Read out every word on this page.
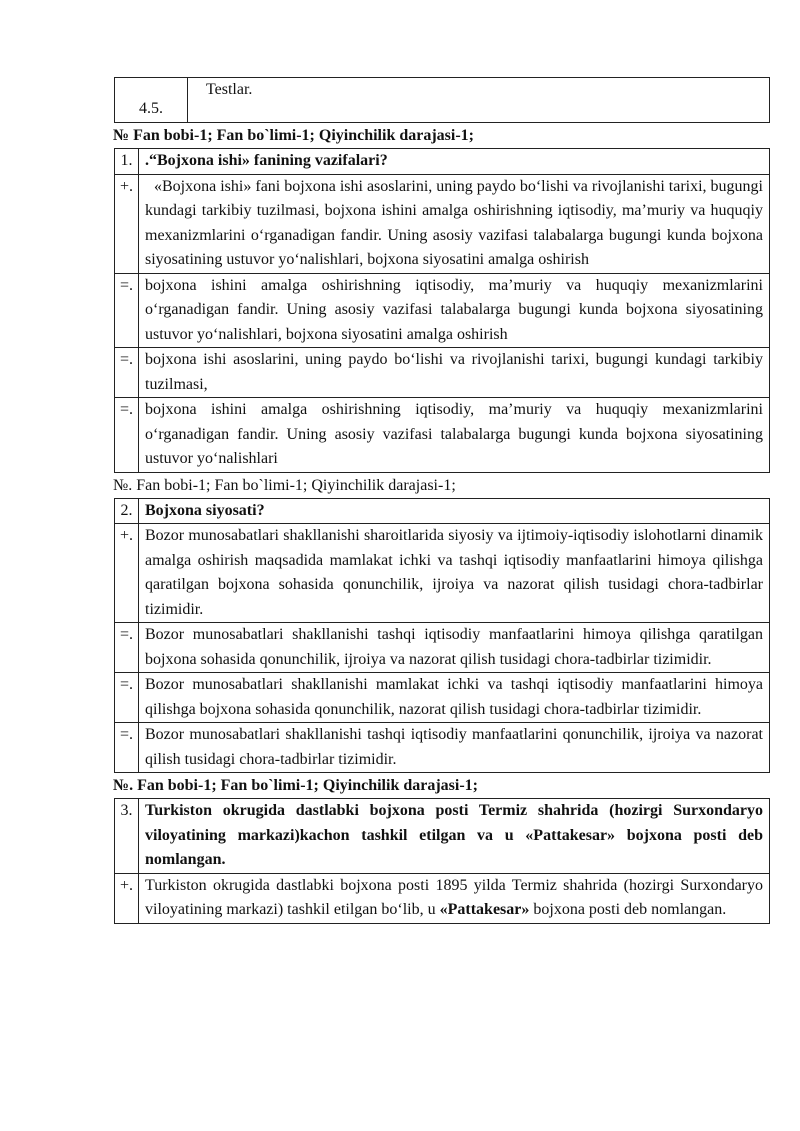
4.5.	Testlar.
№ Fan bobi-1; Fan bo`limi-1; Qiyinchilik darajasi-1;
1.	.“Bojxona ishi» fanining vazifalari?
+.	«Bojxona ishi» fani bojxona ishi asoslarini, uning paydo bo‘lishi va rivojlanishi tarixi, bugungi kundagi tarkibiy tuzilmasi, bojxona ishini amalga oshirishning iqtisodiy, ma’muriy va huquqiy mexanizmlarini o‘rganadigan fandir. Uning asosiy vazifasi talabalarga bugungi kunda bojxona siyosatining ustuvor yo‘nalishlari, bojxona siyosatini amalga oshirish
=.	bojxona ishini amalga oshirishning iqtisodiy, ma’muriy va huquqiy mexanizmlarini o‘rganadigan fandir. Uning asosiy vazifasi talabalarga bugungi kunda bojxona siyosatining ustuvor yo‘nalishlari, bojxona siyosatini amalga oshirish
=.	bojxona ishi asoslarini, uning paydo bo‘lishi va rivojlanishi tarixi, bugungi kundagi tarkibiy tuzilmasi,
=.	bojxona ishini amalga oshirishning iqtisodiy, ma’muriy va huquqiy mexanizmlarini o‘rganadigan fandir. Uning asosiy vazifasi talabalarga bugungi kunda bojxona siyosatining ustuvor yo‘nalishlari
№. Fan bobi-1; Fan bo`limi-1; Qiyinchilik darajasi-1;
2.	Bojxona siyosati?
+.	Bozor munosabatlari shakllanishi sharoitlarida siyosiy va ijtimoiy-iqtisodiy islohotlarni dinamik amalga oshirish maqsadida mamlakat ichki va tashqi iqtisodiy manfaatlarini himoya qilishga qaratilgan bojxona sohasida qonunchilik, ijroiya va nazorat qilish tusidagi chora-tadbirlar tizimidir.
=.	Bozor munosabatlari shakllanishi tashqi iqtisodiy manfaatlarini himoya qilishga qaratilgan bojxona sohasida qonunchilik, ijroiya va nazorat qilish tusidagi chora-tadbirlar tizimidir.
=.	Bozor munosabatlari shakllanishi mamlakat ichki va tashqi iqtisodiy manfaatlarini himoya qilishga bojxona sohasida qonunchilik, nazorat qilish tusidagi chora-tadbirlar tizimidir.
=.	Bozor munosabatlari shakllanishi tashqi iqtisodiy manfaatlarini qonunchilik, ijroiya va nazorat qilish tusidagi chora-tadbirlar tizimidir.
№. Fan bobi-1; Fan bo`limi-1; Qiyinchilik darajasi-1;
3.	Turkiston okrugida dastlabki bojxona posti Termiz shahrida (hozirgi Surxondaryo viloyatining markazi)kachon tashkil etilgan va u «Pattakesar» bojxona posti deb nomlangan.
+.	Turkiston okrugida dastlabki bojxona posti 1895 yilda Termiz shahrida (hozirgi Surxondaryo viloyatining markazi) tashkil etilgan bo‘lib, u «Pattakesar» bojxona posti deb nomlangan.
